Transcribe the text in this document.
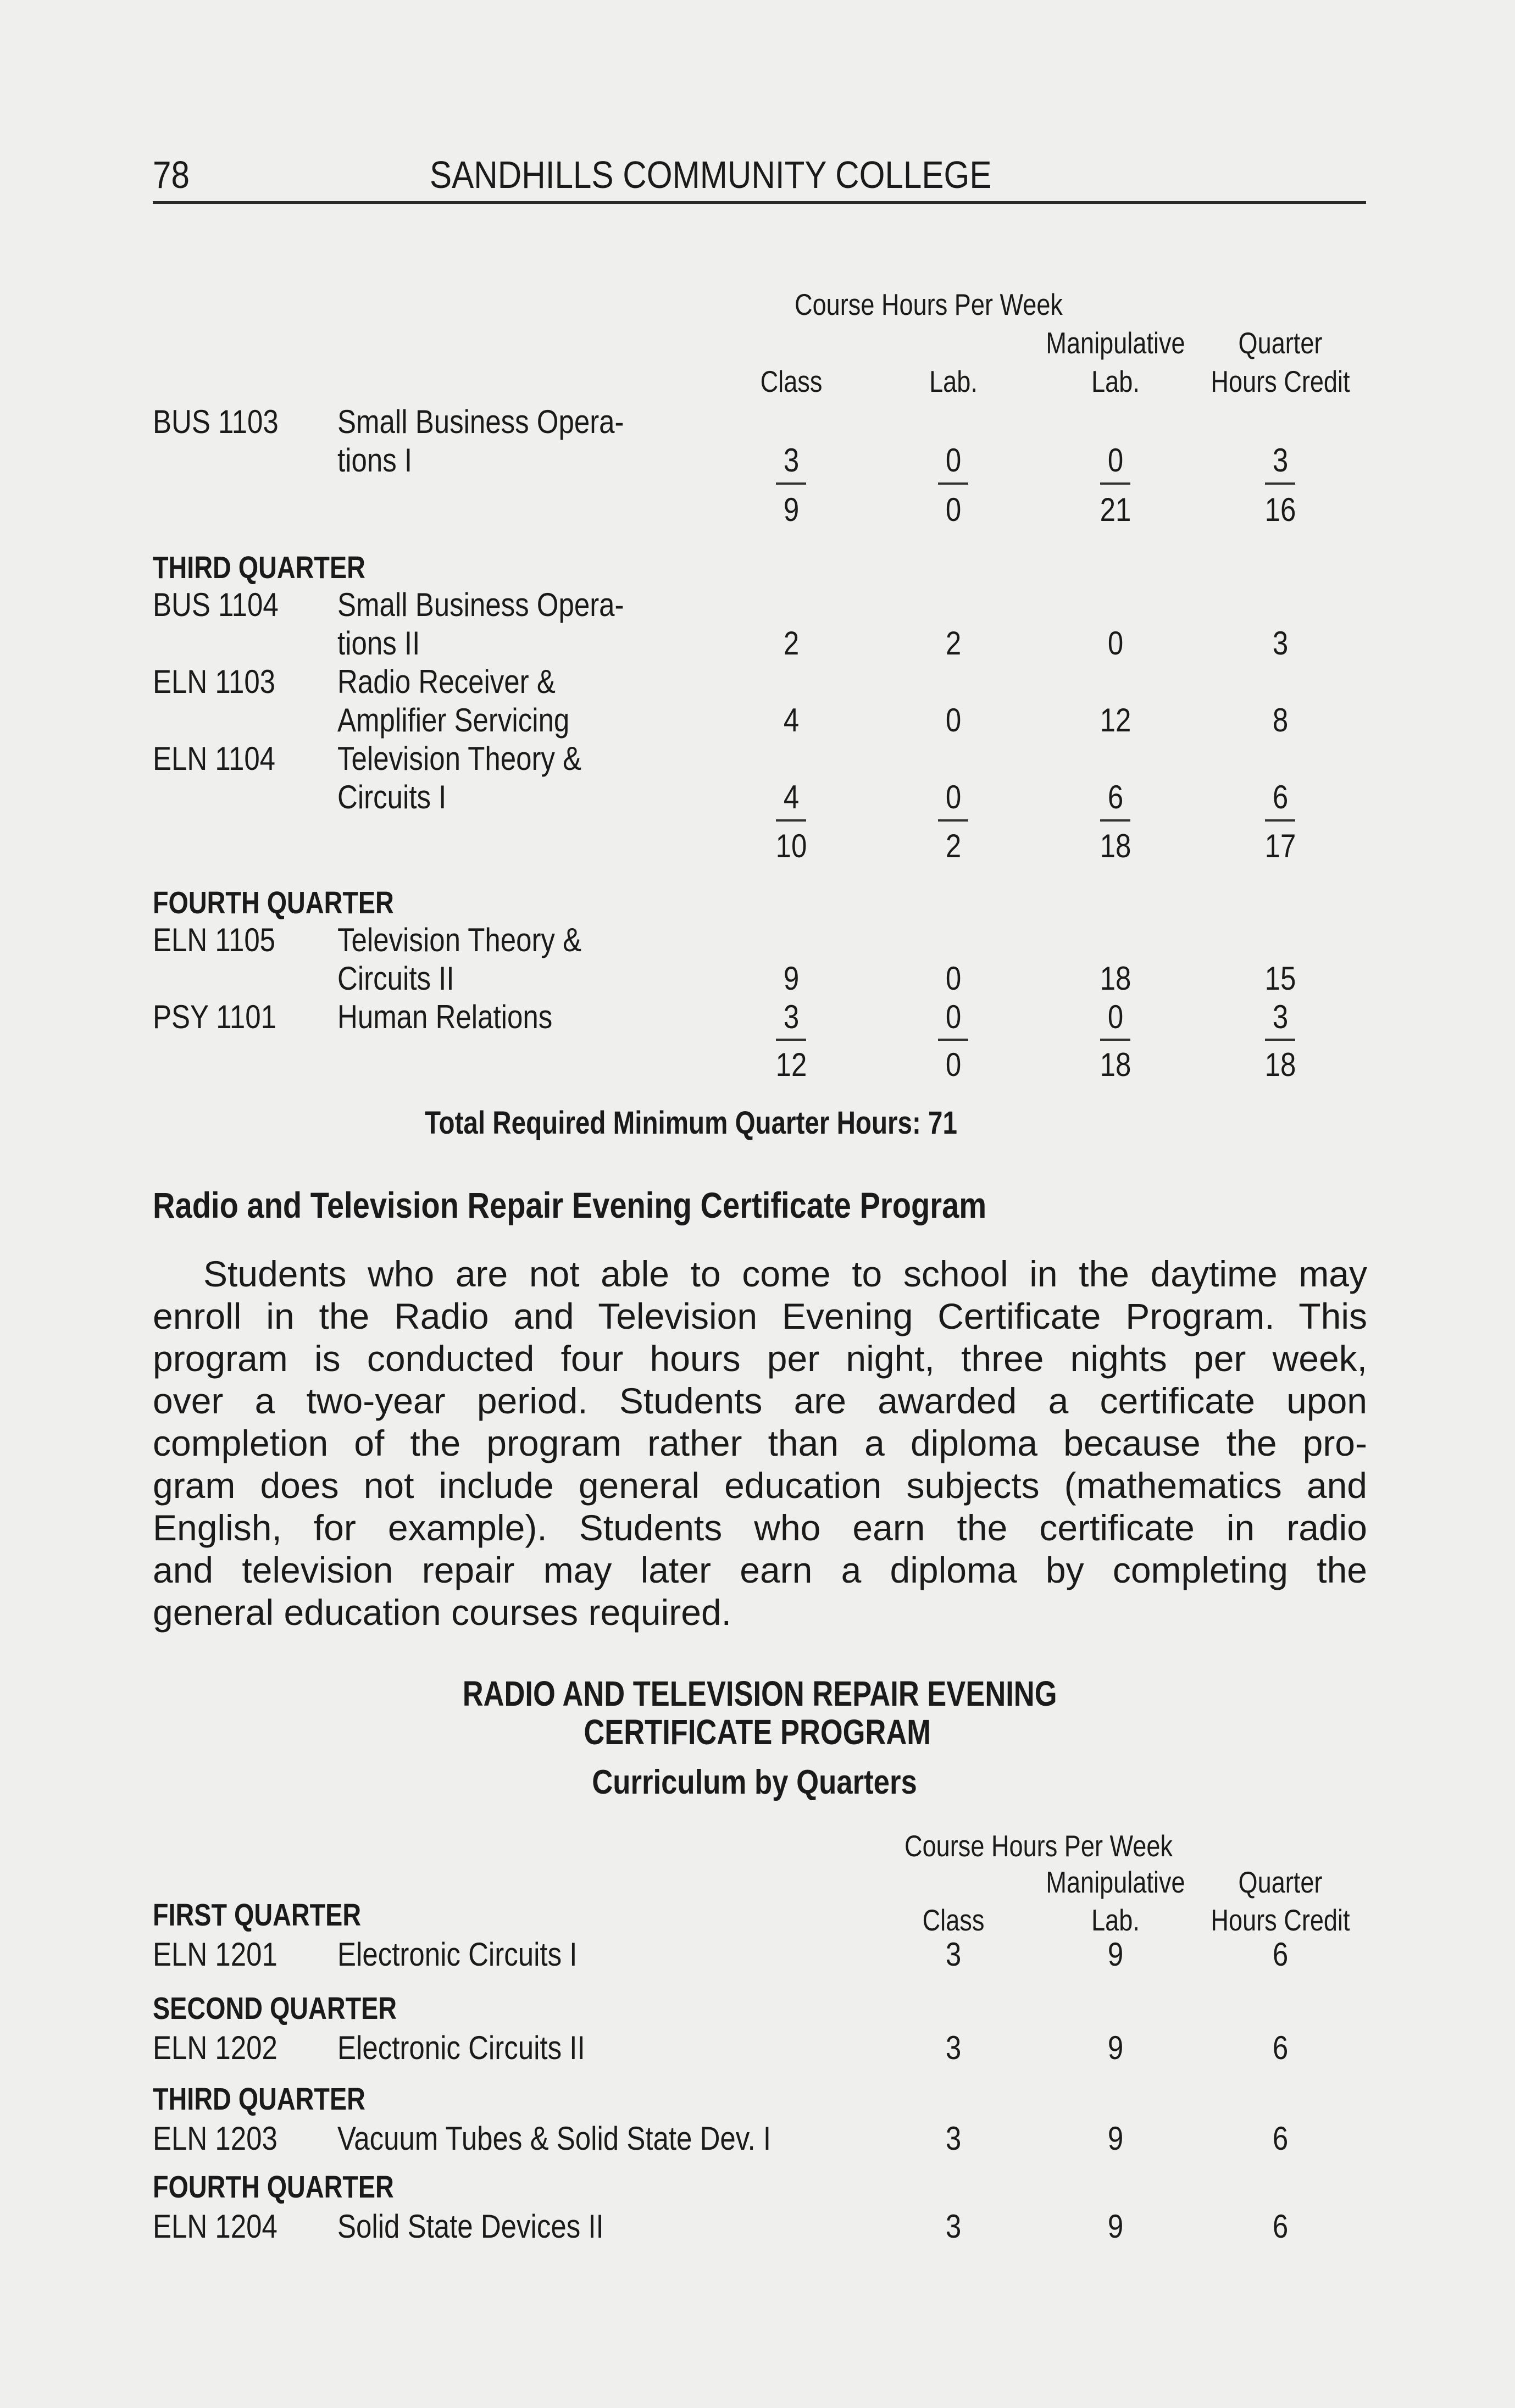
78	SANDHILLS COMMUNITY COLLEGE
Course Hours Per Week
Manipulative	Quarter
Class	Lab.	Lab.	Hours Credit
BUS 1103 Small Business Opera-
tions I	3	0	0	3
9	0	21	16
THIRD QUARTER
BUS 1104 Small Business Opera-
tions II	2	2	0	3
ELN 1103 Radio Receiver &
Amplifier Servicing	4	0	12	8
ELN 1104 Television Theory &
Circuits I	4	0	6	6
10	2	18	17
FOURTH QUARTER
ELN 1105 Television Theory &
Circuits II	9	0	18	15
PSY 1101 Human Relations	3	0	0	3
12	0	18	18
Total Required Minimum Quarter Hours: 71
Radio and Television Repair Evening Certificate Program
Students who are not able to come to school in the daytime may
enroll in the Radio and Television Evening Certificate Program. This
program is conducted four hours per night, three nights per week,
over a two-year period. Students are awarded a certificate upon
completion of the program rather than a diploma because the pro-
gram does not include general education subjects (mathematics and
English, for example). Students who earn the certificate in radio
and television repair may later earn a diploma by completing the
general education courses required.
RADIO AND TELEVISION REPAIR EVENING
CERTIFICATE PROGRAM
Curriculum by Quarters
Course Hours Per Week
Manipulative	Quarter
Class	Lab.	Hours Credit
FIRST QUARTER
ELN 1201 Electronic Circuits I	3	9	6
SECOND QUARTER
ELN 1202 Electronic Circuits II	3	9	6
THIRD QUARTER
ELN 1203 Vacuum Tubes & Solid State Dev. I	3	9	6
FOURTH QUARTER
ELN 1204 Solid State Devices II	3	9	6
